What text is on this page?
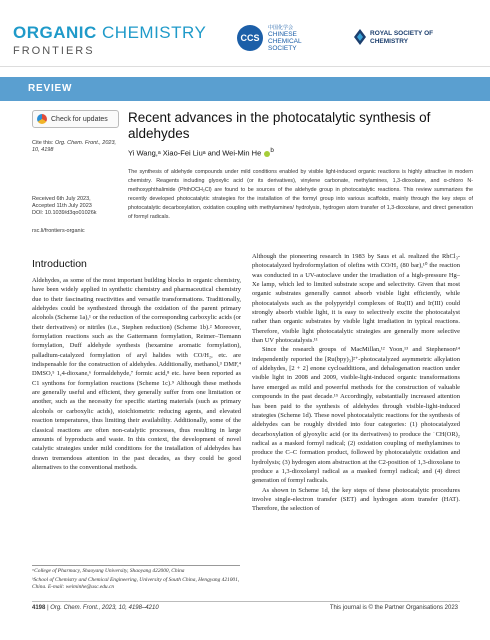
ORGANIC CHEMISTRY
FRONTIERS
CCS
中国化学会
CHINESE CHEMICAL SOCIETY
ROYAL SOCIETY OF CHEMISTRY
REVIEW
Check for updates
Cite this: Org. Chem. Front., 2023, 10, 4198
Received 6th July 2023,
Accepted 11th July 2023
DOI: 10.1039/d3qo01026k
rsc.li/frontiers-organic
Recent advances in the photocatalytic synthesis of aldehydes
Yi Wang,ᵃ Xiao-Fei Liuᵃ and Wei-Min He $^b$
The synthesis of aldehyde compounds under mild conditions enabled by visible light-induced organic reactions is highly attractive in modern chemistry. Reagents including glyoxylic acid (or its derivatives), vinylene carbonate, methylamines, 1,3-dioxolane, and α-chloro N-methoxyphthalimide (PhthOCH₂Cl) are found to be sources of the aldehyde group in photocatalytic reactions. This review summarizes the recently developed photocatalytic strategies for the installation of the formyl group into various scaffolds, mainly through the key steps of photocatalytic decarboxylation, oxidation coupling with methylamines/ hydrolysis, hydrogen atom transfer of 1,3-dioxolane, and direct generation of formyl radicals.
Introduction

Aldehydes, as some of the most important building blocks in organic chemistry, have been widely applied in synthetic chemistry and pharmaceutical chemistry due to their fascinating reactivities and versatile transformations. Traditionally, aldehydes could be synthesized through the oxidation of the parent primary alcohols (Scheme 1a),¹ or the reduction of the corresponding carboxylic acids (or their derivatives) or nitriles (i.e., Stephen reduction) (Scheme 1b).² Moreover, formylation reactions such as the Gattermann formylation, Reimer–Tiemann formylation, Duff aldehyde synthesis (hexamine aromatic formylation), palladium-catalyzed formylation of aryl halides with CO/H₂, etc. are indispensable for the construction of aldehydes. Additionally, methanol,³ DMF,⁴ DMSO,⁵ 1,4-dioxane,⁶ formaldehyde,⁷ formic acid,⁸ etc. have been reported as C1 synthons for formylation reactions (Scheme 1c).⁹ Although these methods are generally useful and efficient, they generally suffer from one limitation or another, such as the necessity for specific starting materials (such as primary alcohols or carboxylic acids), stoichiometric reducing agents, and elevated reaction temperatures, thus limiting their availability. Additionally, some of the classical reactions are often non-catalytic processes, thus resulting in large amounts of byproducts and waste. In this context, the development of novel catalytic strategies under mild conditions for the installation of aldehydes has drawn tremendous attention in the past decades, as they could be good alternatives to the conventional methods.

Although the pioneering research in 1983 by Saus et al. realized the RhCl₃-photocatalyzed hydroformylation of olefins with CO/H₂ (80 bar),¹⁰ the reaction was conducted in a UV-autoclave under the irradiation of a high-pressure Hg–Xe lamp, which led to limited substrate scope and selectivity. Given that most organic substrates generally cannot absorb visible light efficiently, while photocatalysts such as the polypyridyl complexes of Ru(II) and Ir(III) could strongly absorb visible light, it is easy to selectively excite the photocatalyst rather than organic substrates by visible light irradiation in typical reactions. Therefore, visible light photocatalytic strategies are generally more selective than UV photocatalysis.¹¹

Since the research groups of MacMillan,¹² Yoon,¹³ and Stephenson¹⁴ independently reported the [Ru(bpy)₃]²⁺-photocatalyzed asymmetric alkylation of aldehydes, [2 + 2] enone cycloadditions, and dehalogenation reaction under visible light in 2008 and 2009, visible-light-induced organic transformations have emerged as mild and powerful methods for the construction of valuable compounds in the past decade.¹⁵ Accordingly, substantially increased attention has been paid to the synthesis of aldehydes through visible-light-induced strategies (Scheme 1d). These novel photocatalytic reactions for the synthesis of aldehydes can be roughly divided into four categories: (1) photocatalyzed decarboxylation of glyoxylic acid (or its derivatives) to produce the ˙CH(OR)₂ radical as a masked formyl radical; (2) oxidation coupling of methylamines to produce the C–C formation product, followed by photocatalytic oxidation and hydrolysis; (3) hydrogen atom abstraction at the C2-position of 1,3-dioxolane to produce a 1,3-dioxolanyl radical as a masked formyl radical; and (4) direct generation of formyl radicals.

As shown in Scheme 1d, the key steps of these photocatalytic procedures involve single-electron transfer (SET) and hydrogen atom transfer (HAT). Therefore, the selection of

ᵃCollege of Pharmacy, Shaoyang University, Shaoyang 422000, China

ᵇSchool of Chemistry and Chemical Engineering, University of South China, Hengyang 421001, China. E-mail: weiminhe@usc.edu.cn

4198 | Org. Chem. Front., 2023, 10, 4198–4210	This journal is © the Partner Organisations 2023
